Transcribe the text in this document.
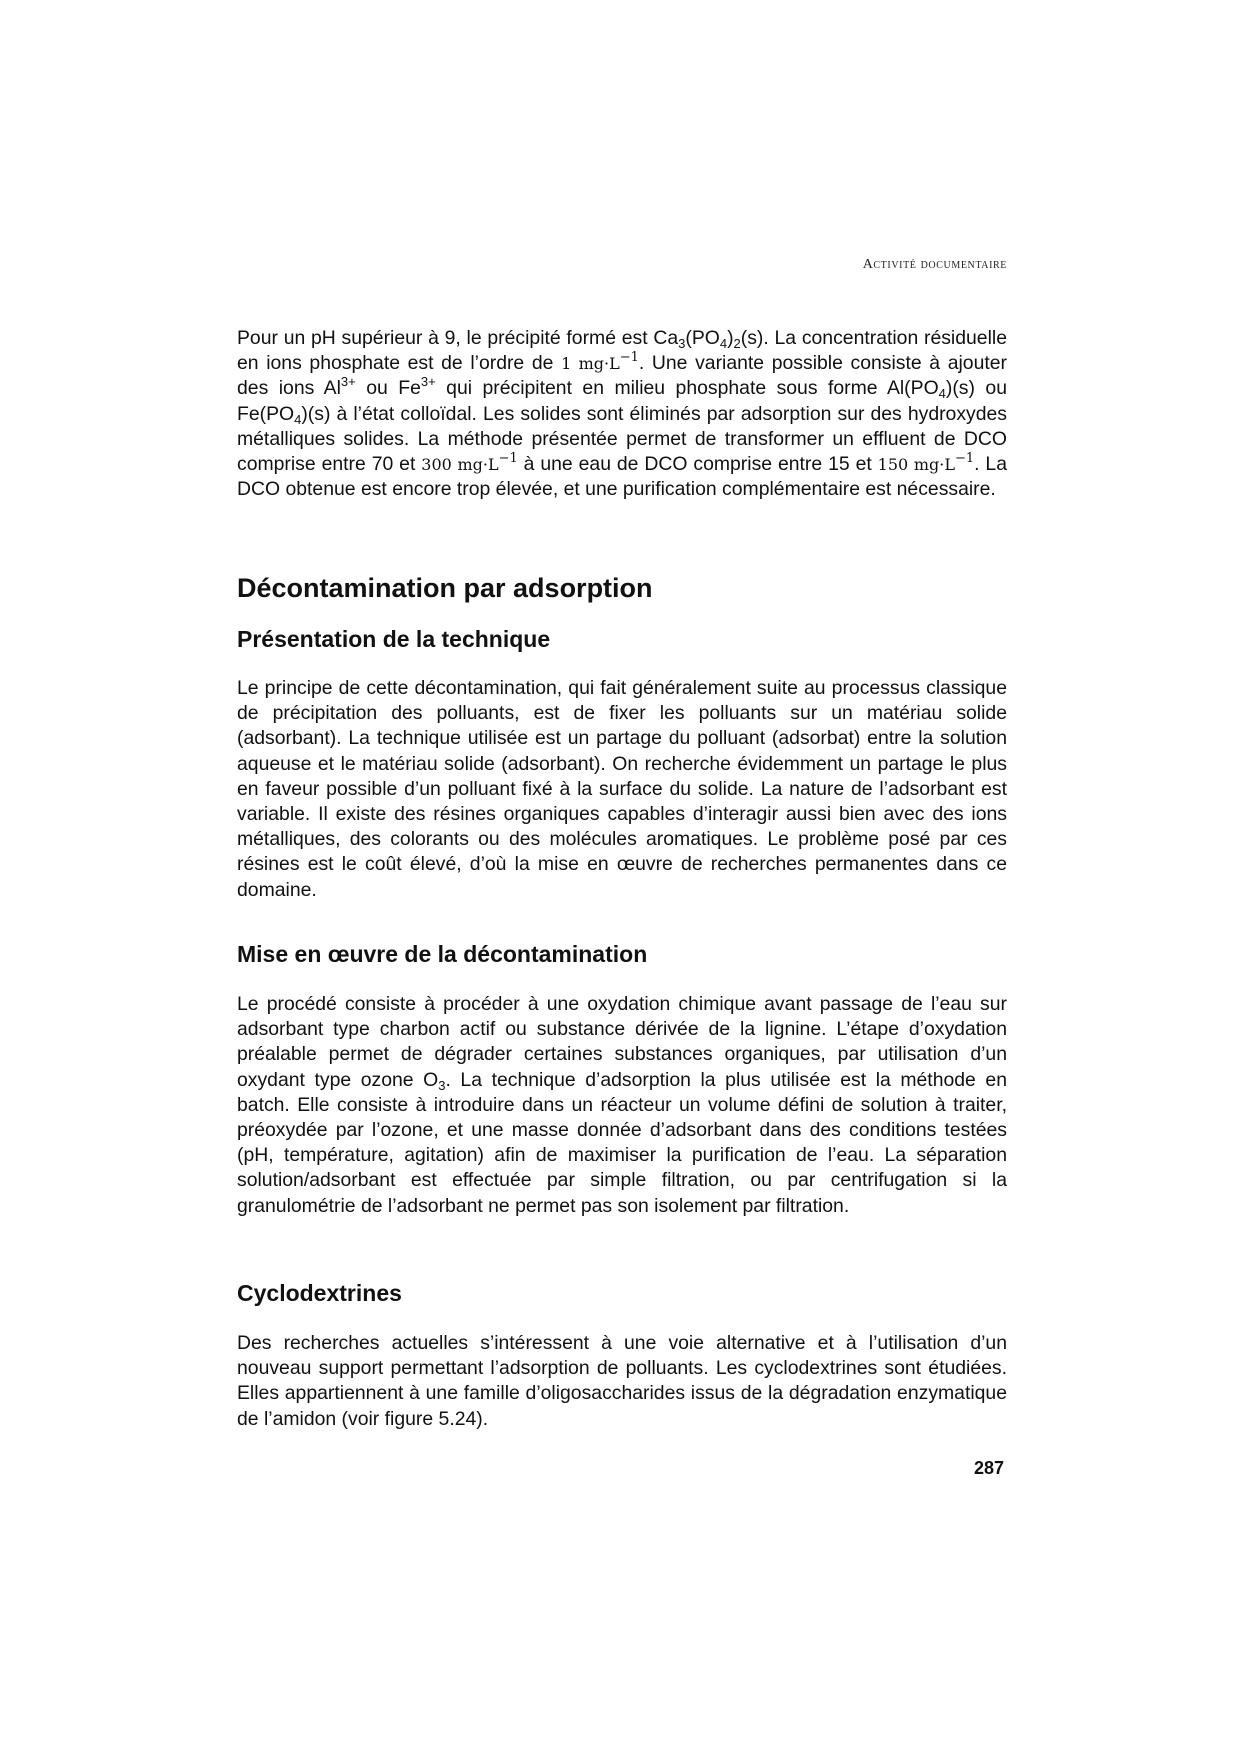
Activité documentaire

Pour un pH supérieur à 9, le précipité formé est $Ca_3(PO_4)_2(s)$. La concentration résiduelle en ions phosphate est de l’ordre de 1 $mg\cdot L^{-1}$. Une variante possible consiste à ajouter des ions $Al^{3+}$ ou $Fe^{3+}$ qui précipitent en milieu phosphate sous forme $Al(PO_4)(s)$ ou $Fe(PO_4)(s)$ à l’état colloïdal. Les solides sont éliminés par adsorption sur des hydroxydes métalliques solides. La méthode présentée permet de transformer un effluent de DCO comprise entre 70 et 300 $mg\cdot L^{-1}$ à une eau de DCO comprise entre 15 et 150 $mg\cdot L^{-1}$. La DCO obtenue est encore trop élevée, et une purification complémentaire est nécessaire.

Décontamination par adsorption
Présentation de la technique

Le principe de cette décontamination, qui fait généralement suite au processus classique de précipitation des polluants, est de fixer les polluants sur un matériau solide (adsorbant). La technique utilisée est un partage du polluant (adsorbat) entre la solution aqueuse et le matériau solide (adsorbant). On recherche évidemment un partage le plus en faveur possible d’un polluant fixé à la surface du solide. La nature de l’adsorbant est variable. Il existe des résines organiques capables d’interagir aussi bien avec des ions métalliques, des colorants ou des molécules aromatiques. Le problème posé par ces résines est le coût élevé, d’où la mise en œuvre de recherches permanentes dans ce domaine.

Mise en œuvre de la décontamination

Le procédé consiste à procéder à une oxydation chimique avant passage de l’eau sur adsorbant type charbon actif ou substance dérivée de la lignine. L’étape d’oxydation préalable permet de dégrader certaines substances organiques, par utilisation d’un oxydant type ozone $O_3$. La technique d’adsorption la plus utilisée est la méthode en batch. Elle consiste à introduire dans un réacteur un volume défini de solution à traiter, préoxydée par l’ozone, et une masse donnée d’adsorbant dans des conditions testées (pH, température, agitation) afin de maximiser la purification de l’eau. La séparation solution/adsorbant est effectuée par simple filtration, ou par centrifugation si la granulométrie de l’adsorbant ne permet pas son isolement par filtration.

Cyclodextrines

Des recherches actuelles s’intéressent à une voie alternative et à l’utilisation d’un nouveau support permettant l’adsorption de polluants. Les cyclodextrines sont étudiées. Elles appartiennent à une famille d’oligosaccharides issus de la dégradation enzymatique de l’amidon (voir figure 5.24).

287
